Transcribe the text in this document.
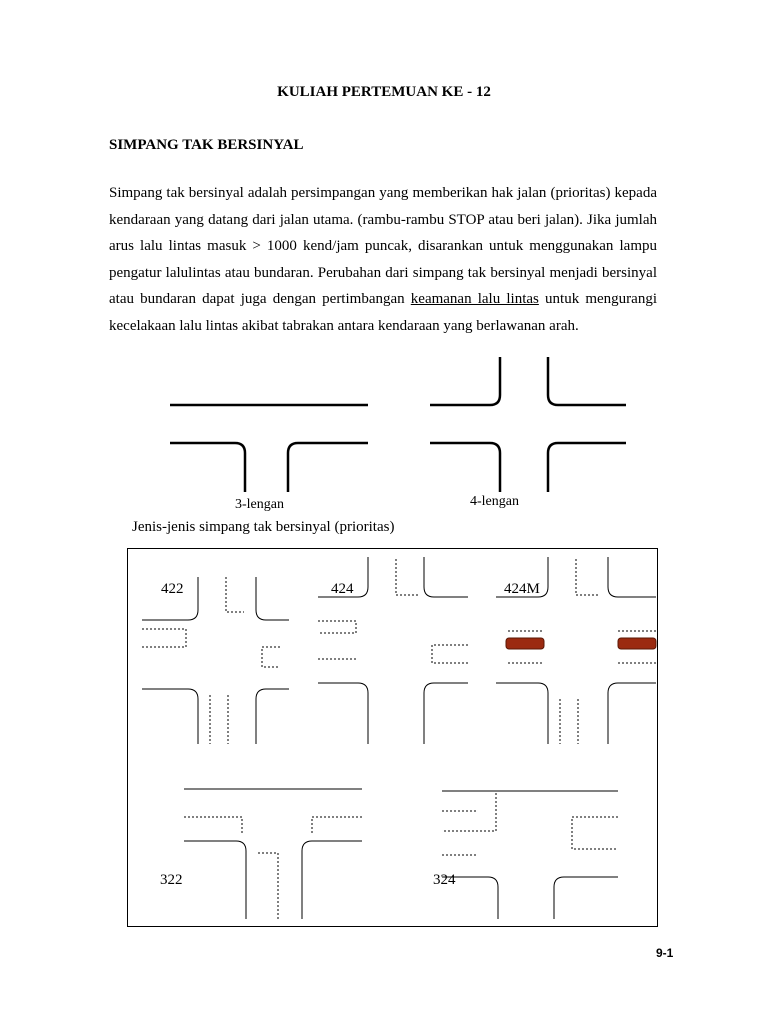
KULIAH PERTEMUAN KE - 12
SIMPANG TAK BERSINYAL

Simpang tak bersinyal adalah persimpangan yang memberikan hak jalan (prioritas) kepada kendaraan yang datang dari jalan utama. (rambu-rambu STOP atau beri jalan). Jika jumlah arus lalu lintas masuk > 1000 kend/jam puncak, disarankan untuk menggunakan lampu pengatur lalulintas atau bundaran. Perubahan dari simpang tak bersinyal menjadi bersinyal atau bundaran dapat juga dengan pertimbangan keamanan lalu lintas untuk mengurangi kecelakaan lalu lintas akibat tabrakan antara kendaraan yang berlawanan arah.

3-lengan	4-lengan
Jenis-jenis simpang tak bersinyal (prioritas)
422	424	424M
322	324
9-1
